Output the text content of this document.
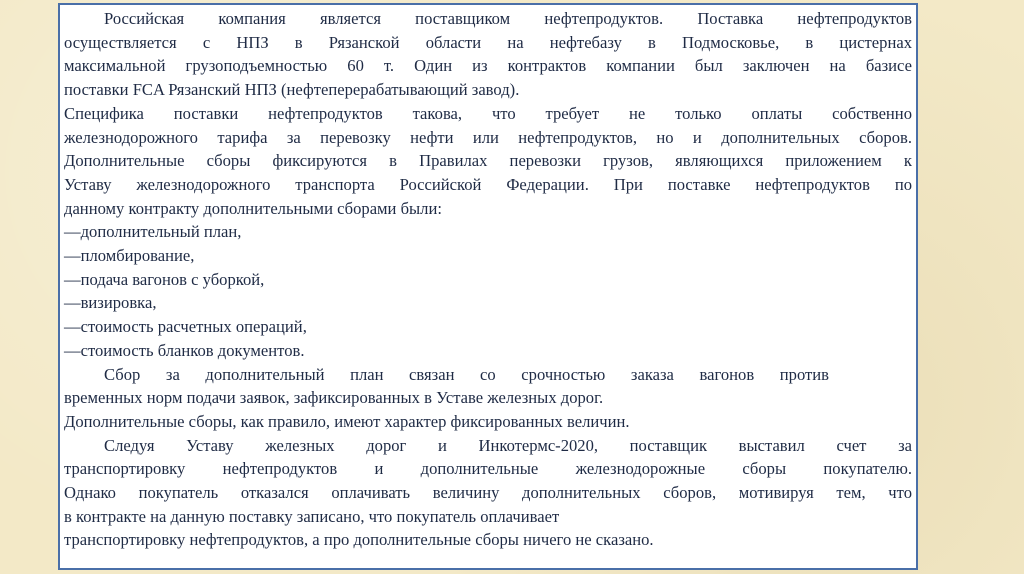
Российская компания является поставщиком нефтепродуктов. Поставка нефтепродуктов
осуществляется с НПЗ в Рязанской области на нефтебазу в Подмосковье, в цистернах
максимальной грузоподъемностью 60 т. Один из контрактов компании был заключен на базисе
поставки FCA Рязанский НПЗ (нефтеперерабатывающий завод).
Специфика поставки нефтепродуктов такова, что требует не только оплаты собственно
железнодорожного тарифа за перевозку нефти или нефтепродуктов, но и дополнительных сборов.
Дополнительные сборы фиксируются в Правилах перевозки грузов, являющихся приложением к
Уставу железнодорожного транспорта Российской Федерации. При поставке нефтепродуктов по
данному контракту дополнительными сборами были:
—дополнительный план,
—пломбирование,
—подача вагонов с уборкой,
—визировка,
—стоимость расчетных операций,
—стоимость бланков документов.
Сбор за дополнительный план связан со срочностью заказа вагонов против
временных норм подачи заявок, зафиксированных в Уставе железных дорог.
Дополнительные сборы, как правило, имеют характер фиксированных величин.
Следуя Уставу железных дорог и Инкотермс-2020, поставщик выставил счет за
транспортировку нефтепродуктов и дополнительные железнодорожные сборы покупателю.
Однако покупатель отказался оплачивать величину дополнительных сборов, мотивируя тем, что
в контракте на данную поставку записано, что покупатель оплачивает
транспортировку нефтепродуктов, а про дополнительные сборы ничего не сказано.
